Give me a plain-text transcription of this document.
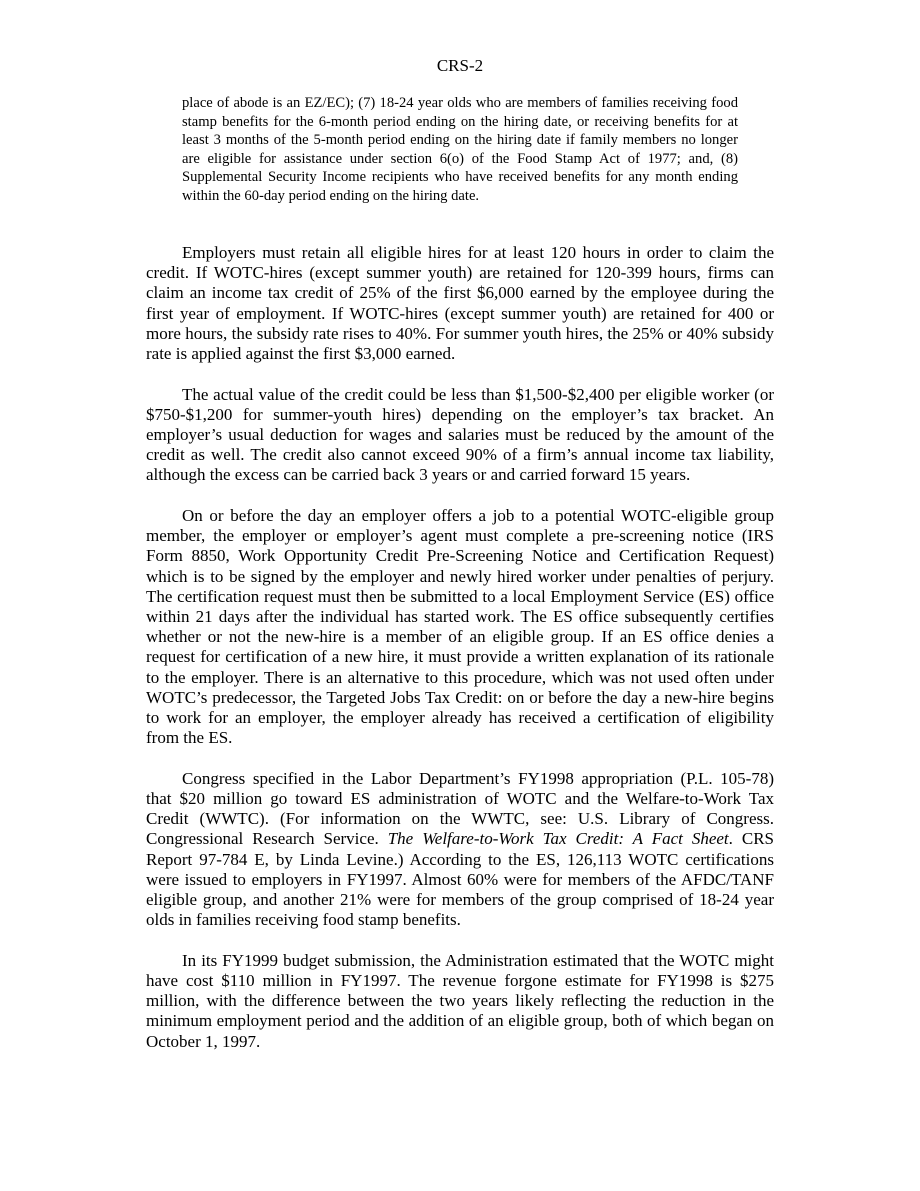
CRS-2
place of abode is an EZ/EC); (7) 18-24 year olds who are members of families receiving food stamp benefits for the 6-month period ending on the hiring date, or receiving benefits for at least 3 months of the 5-month period ending on the hiring date if family members no longer are eligible for assistance under section 6(o) of the Food Stamp Act of 1977; and, (8) Supplemental Security Income recipients who have received benefits for any month ending within the 60-day period ending on the hiring date.

Employers must retain all eligible hires for at least 120 hours in order to claim the credit. If WOTC-hires (except summer youth) are retained for 120-399 hours, firms can claim an income tax credit of 25% of the first $6,000 earned by the employee during the first year of employment. If WOTC-hires (except summer youth) are retained for 400 or more hours, the subsidy rate rises to 40%. For summer youth hires, the 25% or 40% subsidy rate is applied against the first $3,000 earned.

The actual value of the credit could be less than $1,500-$2,400 per eligible worker (or $750-$1,200 for summer-youth hires) depending on the employer’s tax bracket. An employer’s usual deduction for wages and salaries must be reduced by the amount of the credit as well. The credit also cannot exceed 90% of a firm’s annual income tax liability, although the excess can be carried back 3 years or and carried forward 15 years.

On or before the day an employer offers a job to a potential WOTC-eligible group member, the employer or employer’s agent must complete a pre-screening notice (IRS Form 8850, Work Opportunity Credit Pre-Screening Notice and Certification Request) which is to be signed by the employer and newly hired worker under penalties of perjury. The certification request must then be submitted to a local Employment Service (ES) office within 21 days after the individual has started work. The ES office subsequently certifies whether or not the new-hire is a member of an eligible group. If an ES office denies a request for certification of a new hire, it must provide a written explanation of its rationale to the employer. There is an alternative to this procedure, which was not used often under WOTC’s predecessor, the Targeted Jobs Tax Credit: on or before the day a new-hire begins to work for an employer, the employer already has received a certification of eligibility from the ES.

Congress specified in the Labor Department’s FY1998 appropriation (P.L. 105-78) that $20 million go toward ES administration of WOTC and the Welfare-to-Work Tax Credit (WWTC). (For information on the WWTC, see: U.S. Library of Congress. Congressional Research Service. The Welfare-to-Work Tax Credit: A Fact Sheet. CRS Report 97-784 E, by Linda Levine.) According to the ES, 126,113 WOTC certifications were issued to employers in FY1997. Almost 60% were for members of the AFDC/TANF eligible group, and another 21% were for members of the group comprised of 18-24 year olds in families receiving food stamp benefits.

In its FY1999 budget submission, the Administration estimated that the WOTC might have cost $110 million in FY1997. The revenue forgone estimate for FY1998 is $275 million, with the difference between the two years likely reflecting the reduction in the minimum employment period and the addition of an eligible group, both of which began on October 1, 1997.
